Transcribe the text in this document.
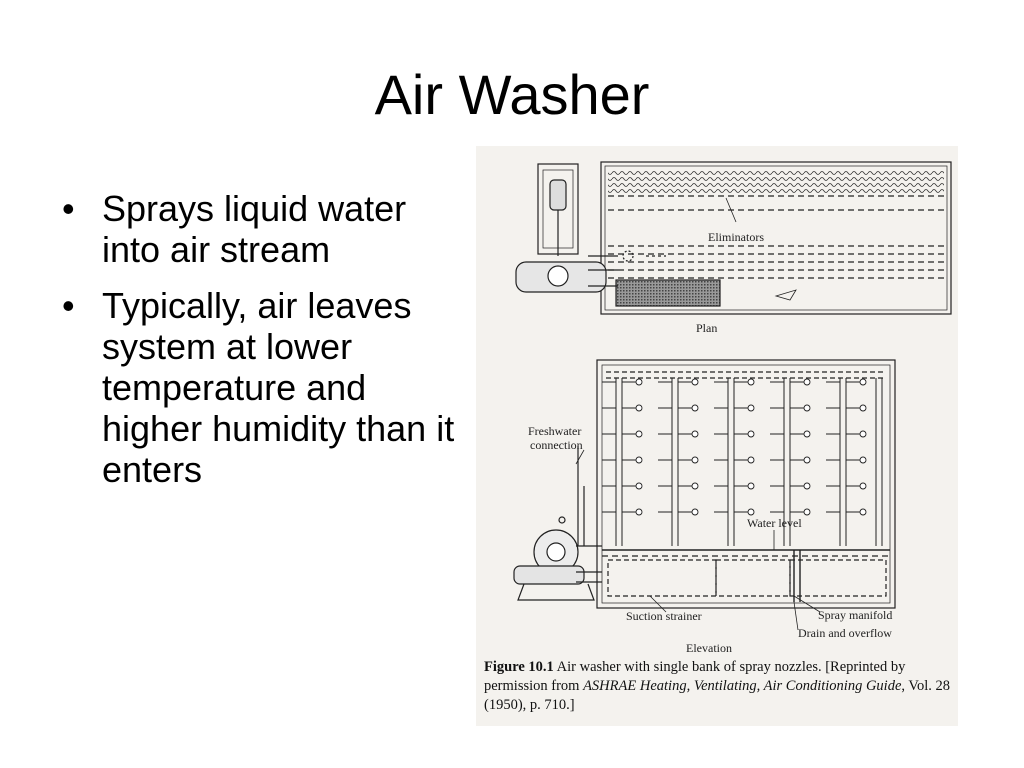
Air Washer
• Sprays liquid water into air stream
• Typically, air leaves system at lower temperature and higher humidity than it enters
Eliminators
Plan
Freshwater
connection
Water level
Suction strainer	Spray manifold
Drain and overflow
Elevation
Figure 10.1 Air washer with single bank of spray nozzles. [Reprinted by permission from ASHRAE Heating, Ventilating, Air Conditioning Guide, Vol. 28 (1950), p. 710.]
